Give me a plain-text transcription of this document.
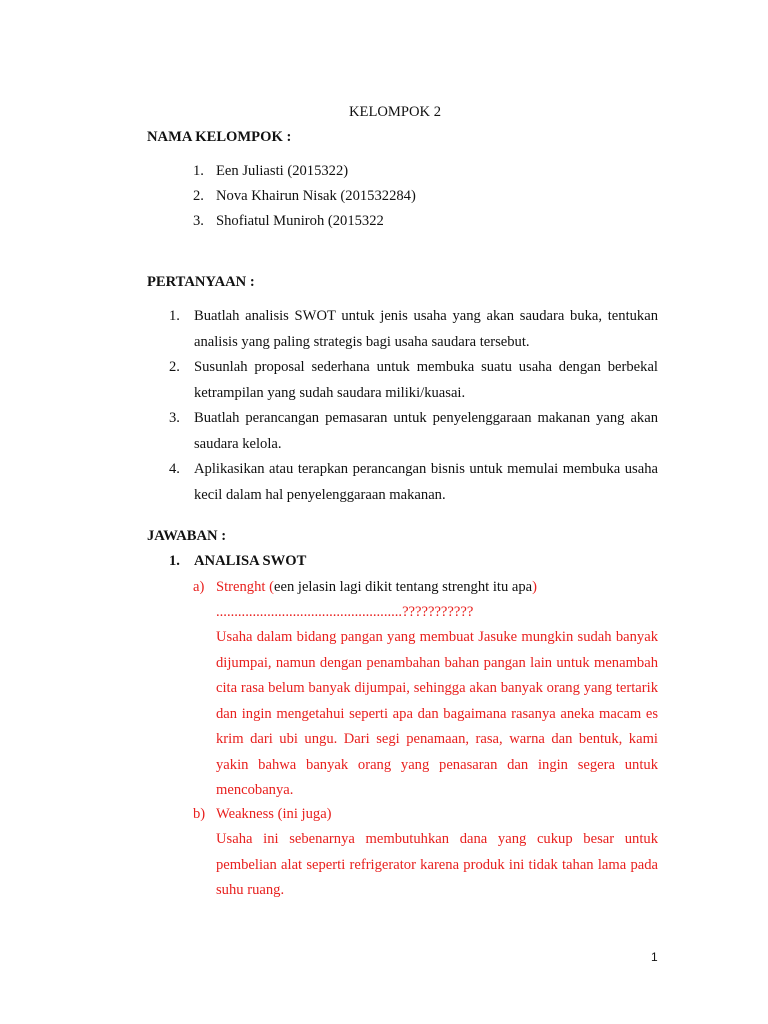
KELOMPOK 2
NAMA KELOMPOK :
1. Een Juliasti (2015322)
2. Nova Khairun Nisak (201532284)
3. Shofiatul Muniroh (2015322
PERTANYAAN :
1. Buatlah analisis SWOT untuk jenis usaha yang akan saudara buka, tentukan analisis yang paling strategis bagi usaha saudara tersebut.
2. Susunlah proposal sederhana untuk membuka suatu usaha dengan berbekal ketrampilan yang sudah saudara miliki/kuasai.
3. Buatlah perancangan pemasaran untuk penyelenggaraan makanan yang akan saudara kelola.
4. Aplikasikan atau terapkan perancangan bisnis untuk memulai membuka usaha kecil dalam hal penyelenggaraan makanan.
JAWABAN :
1. ANALISA SWOT
a) Strenght (een jelasin lagi dikit tentang strenght itu apa)
...................................................???????????
Usaha dalam bidang pangan yang membuat Jasuke mungkin sudah banyak dijumpai, namun dengan penambahan bahan pangan lain untuk menambah cita rasa belum banyak dijumpai, sehingga akan banyak orang yang tertarik dan ingin mengetahui seperti apa dan bagaimana rasanya aneka macam es krim dari ubi ungu. Dari segi penamaan, rasa, warna dan bentuk, kami yakin bahwa banyak orang yang penasaran dan ingin segera untuk mencobanya.
b) Weakness (ini juga)
Usaha ini sebenarnya membutuhkan dana yang cukup besar untuk pembelian alat seperti refrigerator karena produk ini tidak tahan lama pada suhu ruang.
1
